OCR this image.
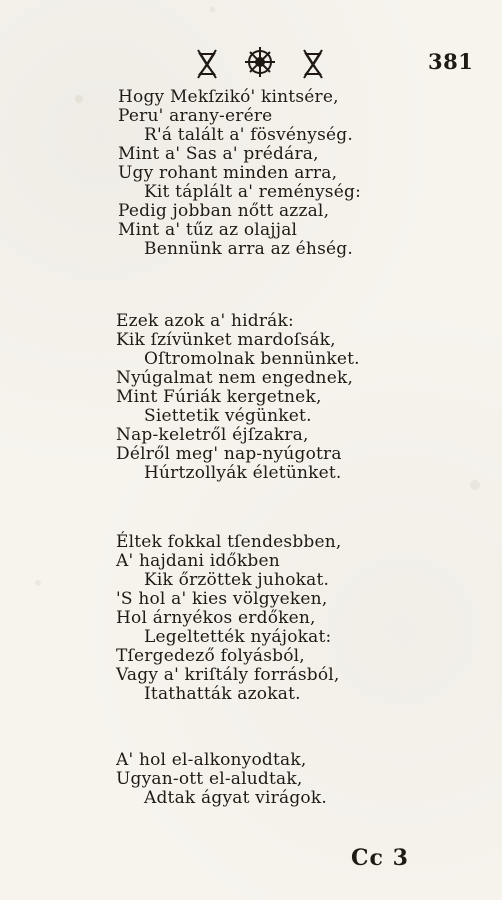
381
Hogy Mekſzikó' kintsére,
Peru' arany-erére
R'á talált a' fösvénység.
Mint a' Sas a' prédára,
Ugy rohant minden arra,
Kit táplált a' reménység:
Pedig jobban nőtt azzal,
Mint a' tűz az olajjal
Bennünk arra az éhség.
Ezek azok a' hidrák:
Kik ſzívünket mardoſsák,
Oſtromolnak bennünket.
Nyúgalmat nem engednek,
Mint Fúriák kergetnek,
Siettetik végünket.
Nap-keletről éjſzakra,
Délről meg' nap-nyúgotra
Húrtzollyák életünket.
Éltek fokkal tſendesbben,
A' hajdani időkben
Kik őrzöttek juhokat.
'S hol a' kies völgyeken,
Hol árnyékos erdőken,
Legeltették nyájokat:
Tſergedező folyásból,
Vagy a' kriſtály forrásból,
Itathatták azokat.
A' hol el-alkonyodtak,
Ugyan-ott el-aludtak,
Adtak ágyat virágok.
Cc 3
